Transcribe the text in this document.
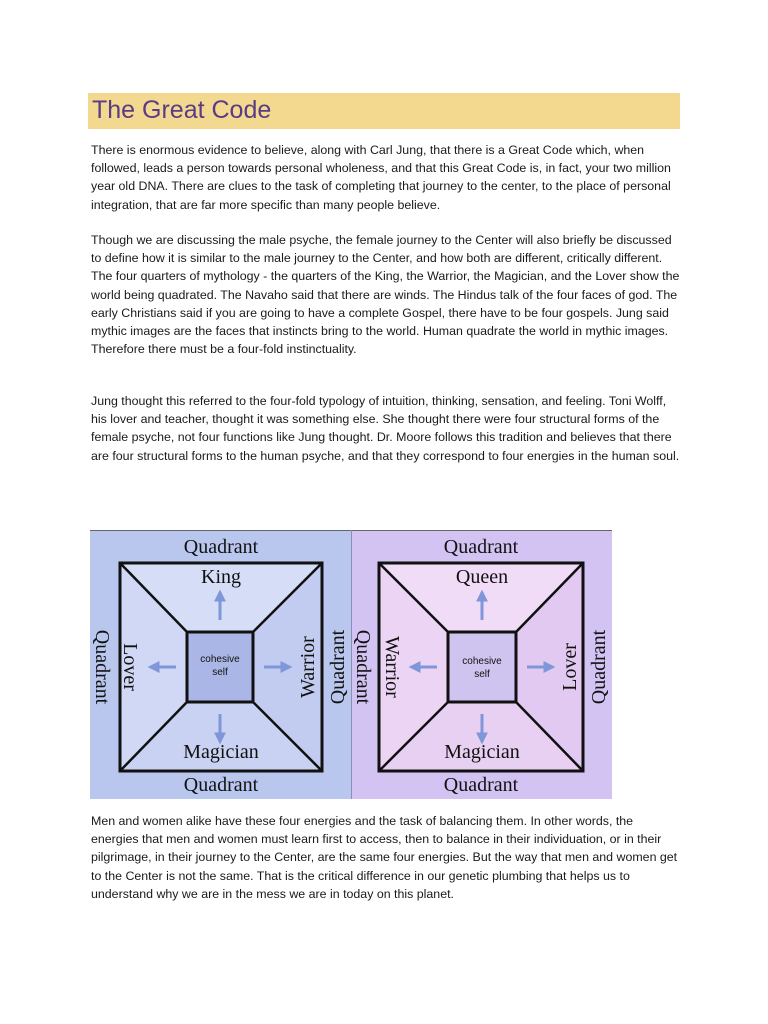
The Great Code

There is enormous evidence to believe, along with Carl Jung, that there is a Great Code which, when followed, leads a person towards personal wholeness, and that this Great Code is, in fact, your two million year old DNA. There are clues to the task of completing that journey to the center, to the place of personal integration, that are far more specific than many people believe.

Though we are discussing the male psyche, the female journey to the Center will also briefly be discussed to define how it is similar to the male journey to the Center, and how both are different, critically different. The four quarters of mythology - the quarters of the King, the Warrior, the Magician, and the Lover show the world being quadrated. The Navaho said that there are winds. The Hindus talk of the four faces of god. The early Christians said if you are going to have a complete Gospel, there have to be four gospels. Jung said mythic images are the faces that instincts bring to the world. Human quadrate the world in mythic images. Therefore there must be a four-fold instinctuality.

Jung thought this referred to the four-fold typology of intuition, thinking, sensation, and feeling. Toni Wolff, his lover and teacher, thought it was something else. She thought there were four structural forms of the female psyche, not four functions like Jung thought. Dr. Moore follows this tradition and believes that there are four structural forms to the human psyche, and that they correspond to four energies in the human soul.

cohesive
self
Quadrant
Quadrant
Quadrant	Quadrant
King
Magician
Lover	Warrior	cohesive
self
Quadrant
Quadrant
Quadrant	Quadrant
Queen
Magician
Warrior	Lover

Men and women alike have these four energies and the task of balancing them. In other words, the energies that men and women must learn first to access, then to balance in their individuation, or in their pilgrimage, in their journey to the Center, are the same four energies. But the way that men and women get to the Center is not the same. That is the critical difference in our genetic plumbing that helps us to understand why we are in the mess we are in today on this planet.
